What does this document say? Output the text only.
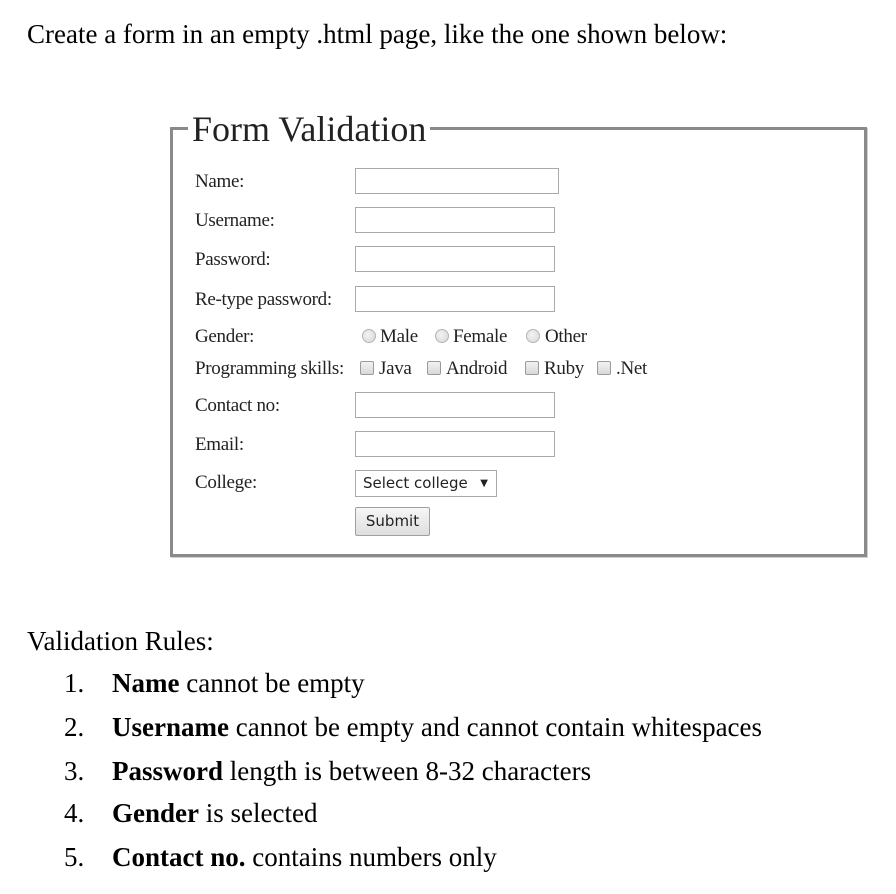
Create a form in an empty .html page, like the one shown below:

Form Validation
Name:
Username:
Password:
Re-type password:
Gender:
Programming skills:
Contact no:
Email:
College:
Male Female Other
Java Android Ruby .Net
Select college ▼
Submit
Validation Rules:
1. Name cannot be empty
2. Username cannot be empty and cannot contain whitespaces
3. Password length is between 8-32 characters
4. Gender is selected
5. Contact no. contains numbers only
